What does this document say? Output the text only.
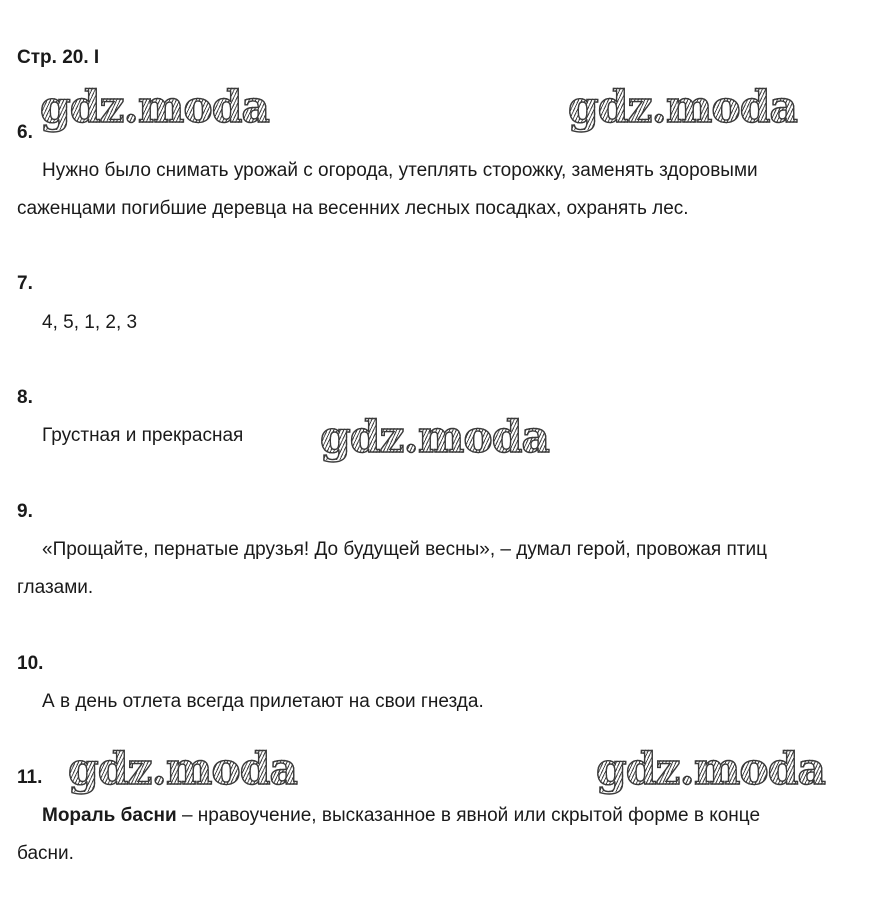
Стр. 20. I
gdz.moda	gdz.moda
gdz.moda
gdz.moda	gdz.moda
6.
Нужно было снимать урожай с огорода, утеплять сторожку, заменять здоровыми
саженцами погибшие деревца на весенних лесных посадках, охранять лес.
7.
4, 5, 1, 2, 3
8.
Грустная и прекрасная
9.
«Прощайте, пернатые друзья! До будущей весны», – думал герой, провожая птиц
глазами.
10.
А в день отлета всегда прилетают на свои гнезда.
11.
Мораль басни – нравоучение, высказанное в явной или скрытой форме в конце
басни.
